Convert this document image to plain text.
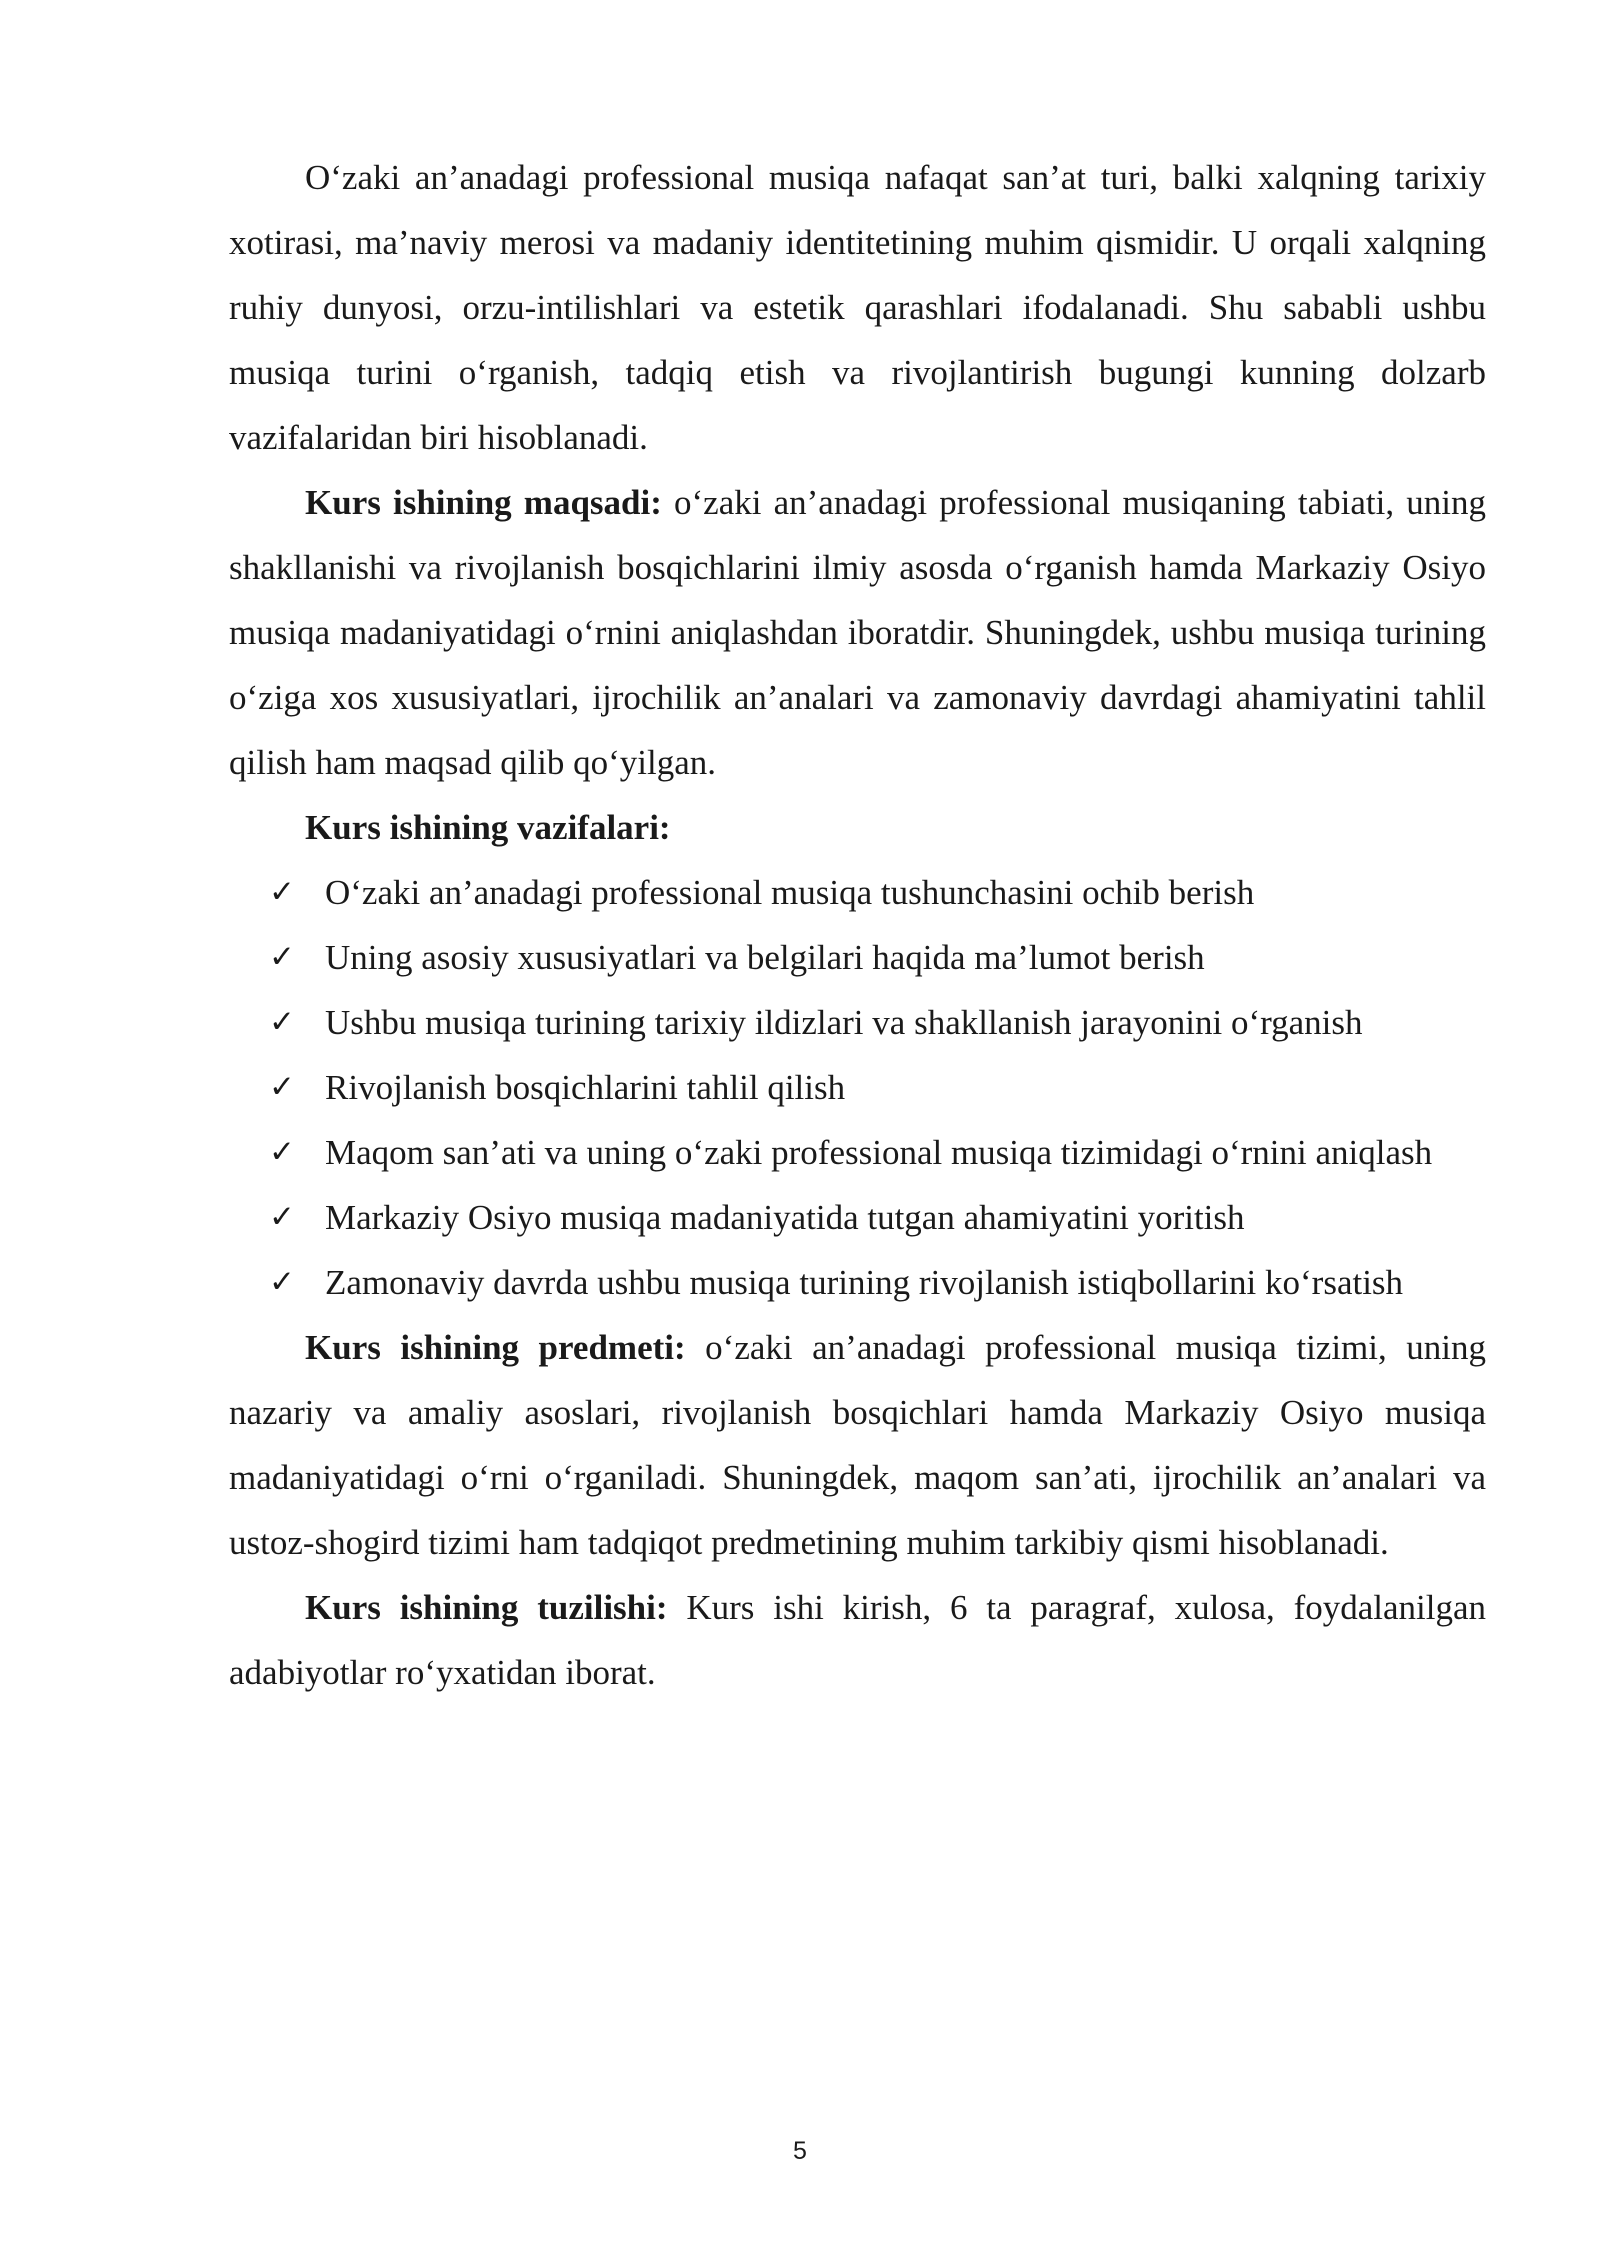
O‘zaki an’anadagi professional musiqa nafaqat san’at turi, balki xalqning tarixiy xotirasi, ma’naviy merosi va madaniy identitetining muhim qismidir. U orqali xalqning ruhiy dunyosi, orzu-intilishlari va estetik qarashlari ifodalanadi. Shu sababli ushbu musiqa turini o‘rganish, tadqiq etish va rivojlantirish bugungi kunning dolzarb vazifalaridan biri hisoblanadi.

Kurs ishining maqsadi: o‘zaki an’anadagi professional musiqaning tabiati, uning shakllanishi va rivojlanish bosqichlarini ilmiy asosda o‘rganish hamda Markaziy Osiyo musiqa madaniyatidagi o‘rnini aniqlashdan iboratdir. Shuningdek, ushbu musiqa turining o‘ziga xos xususiyatlari, ijrochilik an’analari va zamonaviy davrdagi ahamiyatini tahlil qilish ham maqsad qilib qo‘yilgan.

Kurs ishining vazifalari:

✓ O‘zaki an’anadagi professional musiqa tushunchasini ochib berish
✓ Uning asosiy xususiyatlari va belgilari haqida ma’lumot berish
✓ Ushbu musiqa turining tarixiy ildizlari va shakllanish jarayonini o‘rganish
✓ Rivojlanish bosqichlarini tahlil qilish
✓ Maqom san’ati va uning o‘zaki professional musiqa tizimidagi o‘rnini aniqlash
✓ Markaziy Osiyo musiqa madaniyatida tutgan ahamiyatini yoritish
✓ Zamonaviy davrda ushbu musiqa turining rivojlanish istiqbollarini ko‘rsatish

Kurs ishining predmeti: o‘zaki an’anadagi professional musiqa tizimi, uning nazariy va amaliy asoslari, rivojlanish bosqichlari hamda Markaziy Osiyo musiqa madaniyatidagi o‘rni o‘rganiladi. Shuningdek, maqom san’ati, ijrochilik an’analari va ustoz-shogird tizimi ham tadqiqot predmetining muhim tarkibiy qismi hisoblanadi.

Kurs ishining tuzilishi: Kurs ishi kirish, 6 ta paragraf, xulosa, foydalanilgan adabiyotlar ro‘yxatidan iborat.

5
